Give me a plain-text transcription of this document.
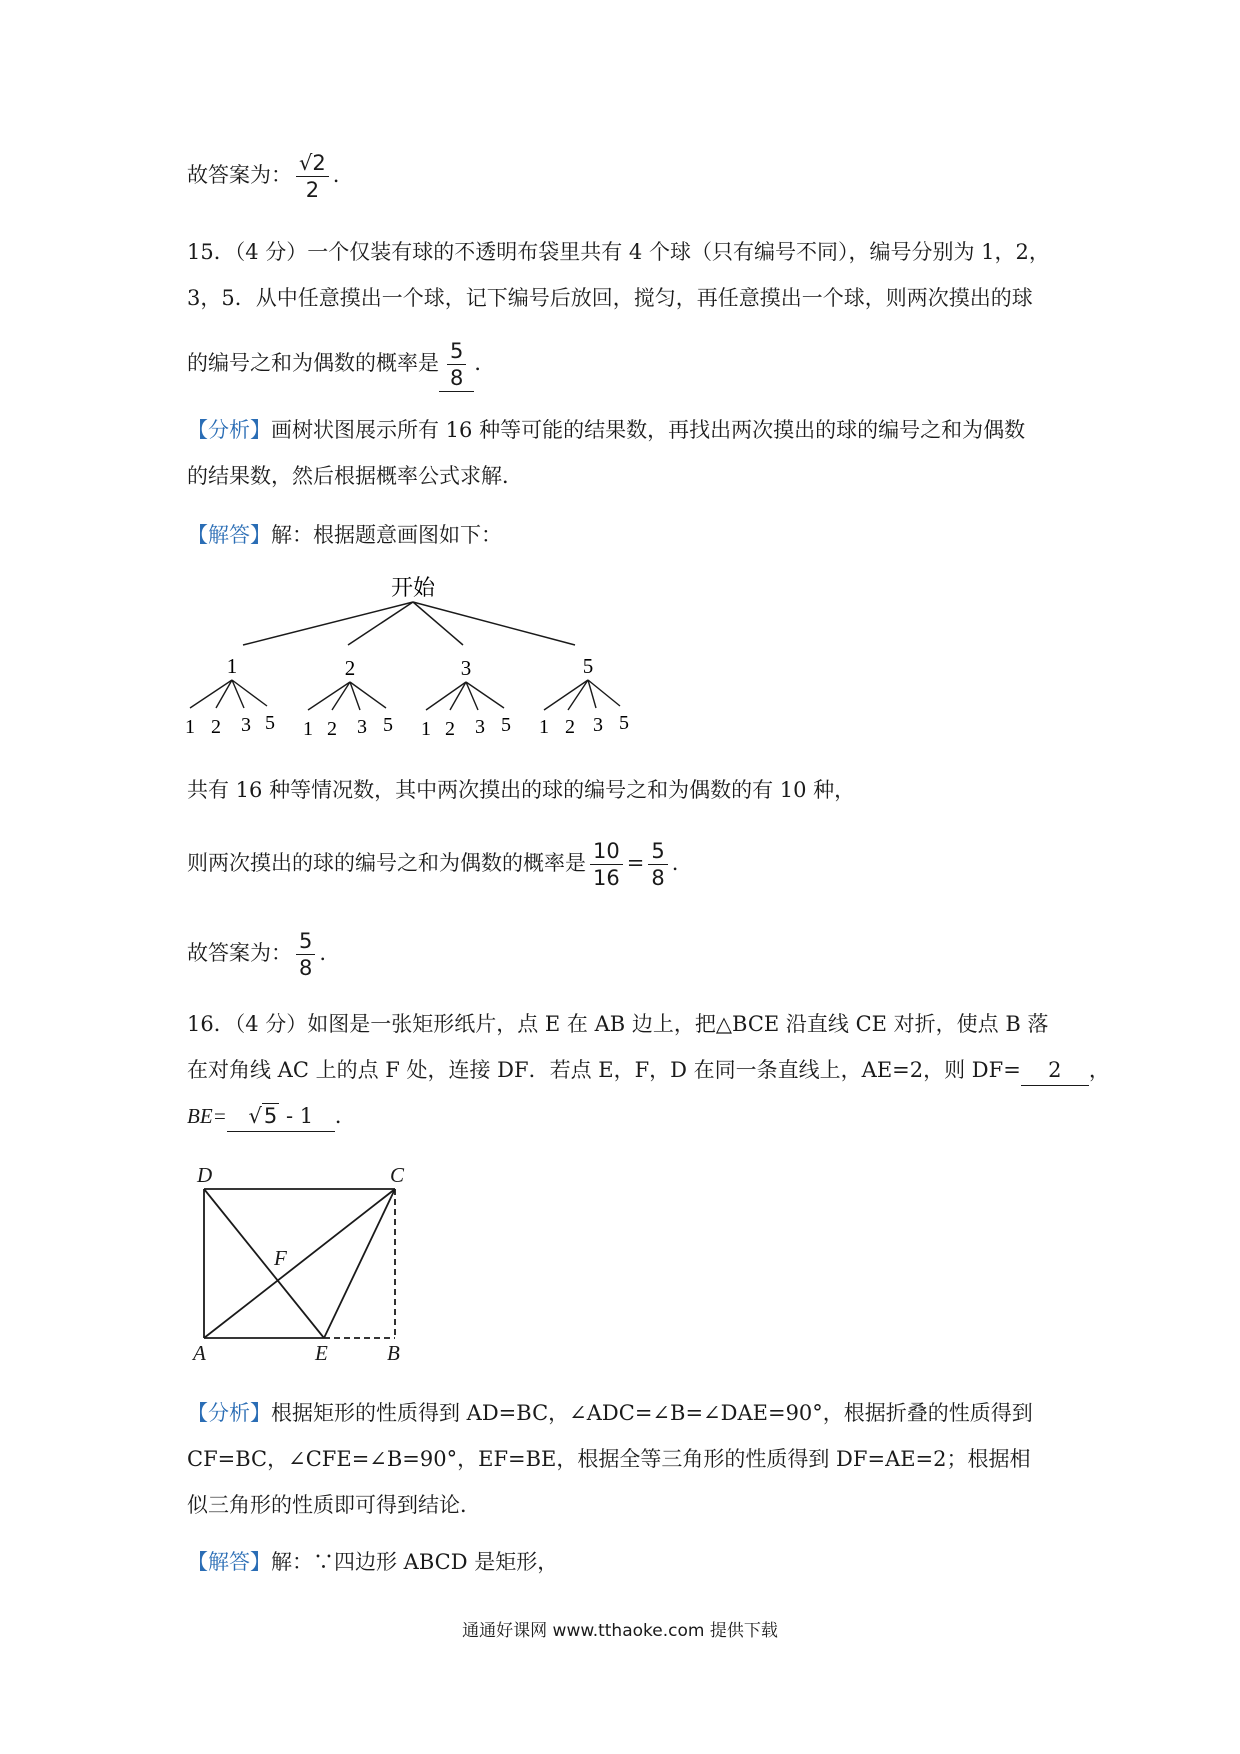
故答案为： $\frac{√2}{2}$ .
15．（4 分）一个仅装有球的不透明布袋里共有 4 个球（只有编号不同），编号分别为 1，2，
3，5．从中任意摸出一个球，记下编号后放回，搅匀，再任意摸出一个球，则两次摸出的球
的编号之和为偶数的概率是 $\frac{5}{8}$ ．
【分析】画树状图展示所有 16 种等可能的结果数，再找出两次摸出的球的编号之和为偶数
的结果数，然后根据概率公式求解．
【解答】解：根据题意画图如下：
开始
1	2	3	5
1 2 3 5 1 2 3 5 1 2 3 5 1 2 3 5
共有 16 种等情况数，其中两次摸出的球的编号之和为偶数的有 10 种，
则两次摸出的球的编号之和为偶数的概率是 $\frac{10}{16} = \frac{5}{8}$ .
故答案为： $\frac{5}{8}$ .
16．（4 分）如图是一张矩形纸片，点 E 在 AB 边上，把△BCE 沿直线 CE 对折，使点 B 落
在对角线 AC 上的点 F 处，连接 DF．若点 E，F，D 在同一条直线上，AE=2，则 DF= 2 ，
BE= √5 - 1 ．
D	C
A	E	B
F
【分析】根据矩形的性质得到 AD=BC，∠ADC=∠B=∠DAE=90°，根据折叠的性质得到
CF=BC，∠CFE=∠B=90°，EF=BE，根据全等三角形的性质得到 DF=AE=2；根据相
似三角形的性质即可得到结论．
【解答】解：∵四边形 ABCD 是矩形，
通通好课网 www.tthaoke.com 提供下载
